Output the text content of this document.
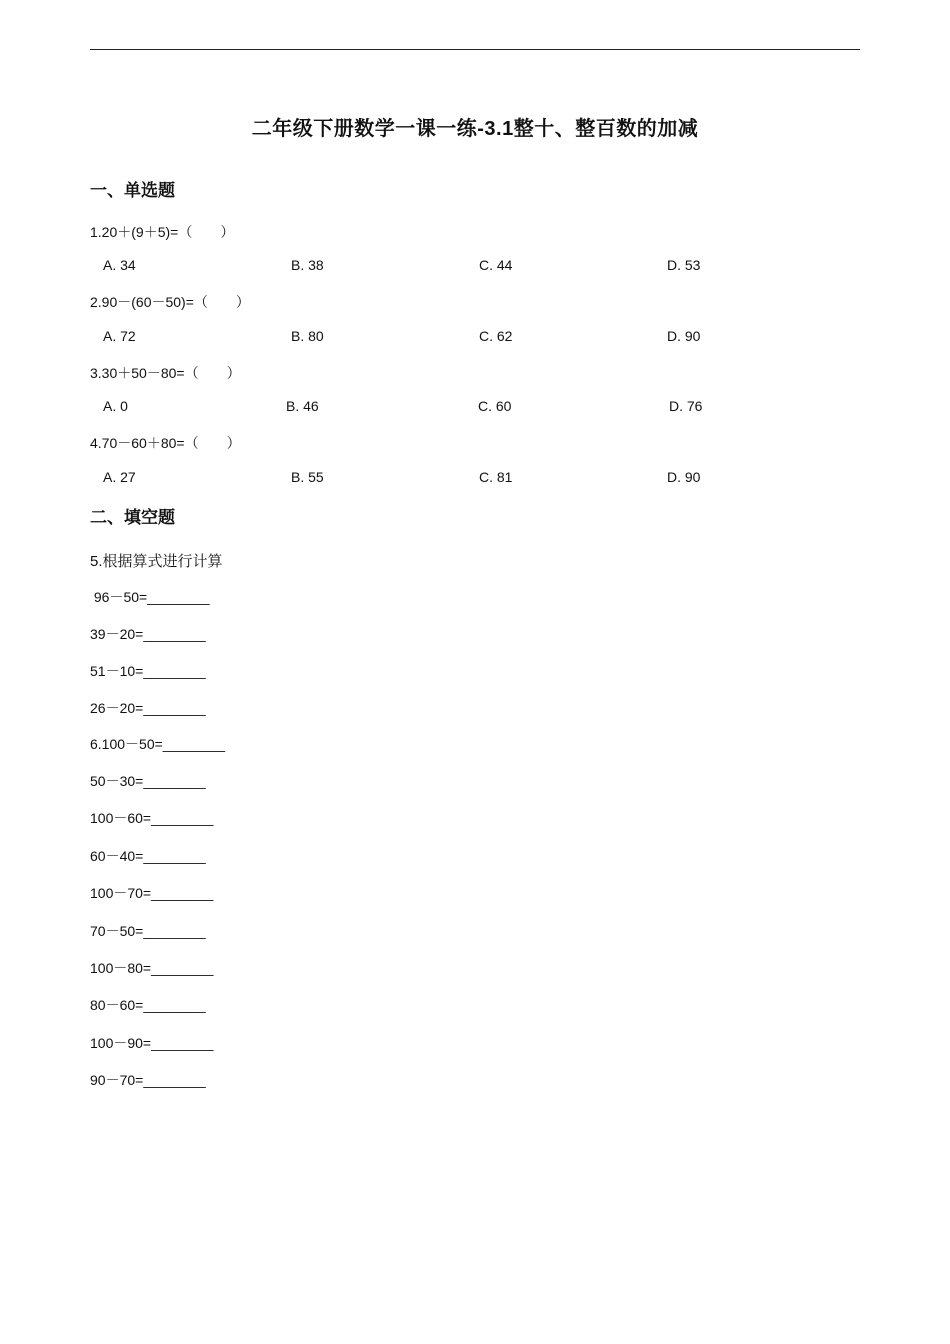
二年级下册数学一课一练-3.1整十、整百数的加减
一、单选题
1.20＋(9＋5)=（　　）
A. 34	B. 38	C. 44	D. 53
2.90－(60－50)=（　　）
A. 72	B. 80	C. 62	D. 90
3.30＋50－80=（　　）
A. 0	B. 46	C. 60	D. 76
4.70－60＋80=（　　）
A. 27	B. 55	C. 81	D. 90
二、填空题
5.根据算式进行计算
96－50=________
39－20=________
51－10=________
26－20=________
6.100－50=________
50－30=________
100－60=________
60－40=________
100－70=________
70－50=________
100－80=________
80－60=________
100－90=________
90－70=________
